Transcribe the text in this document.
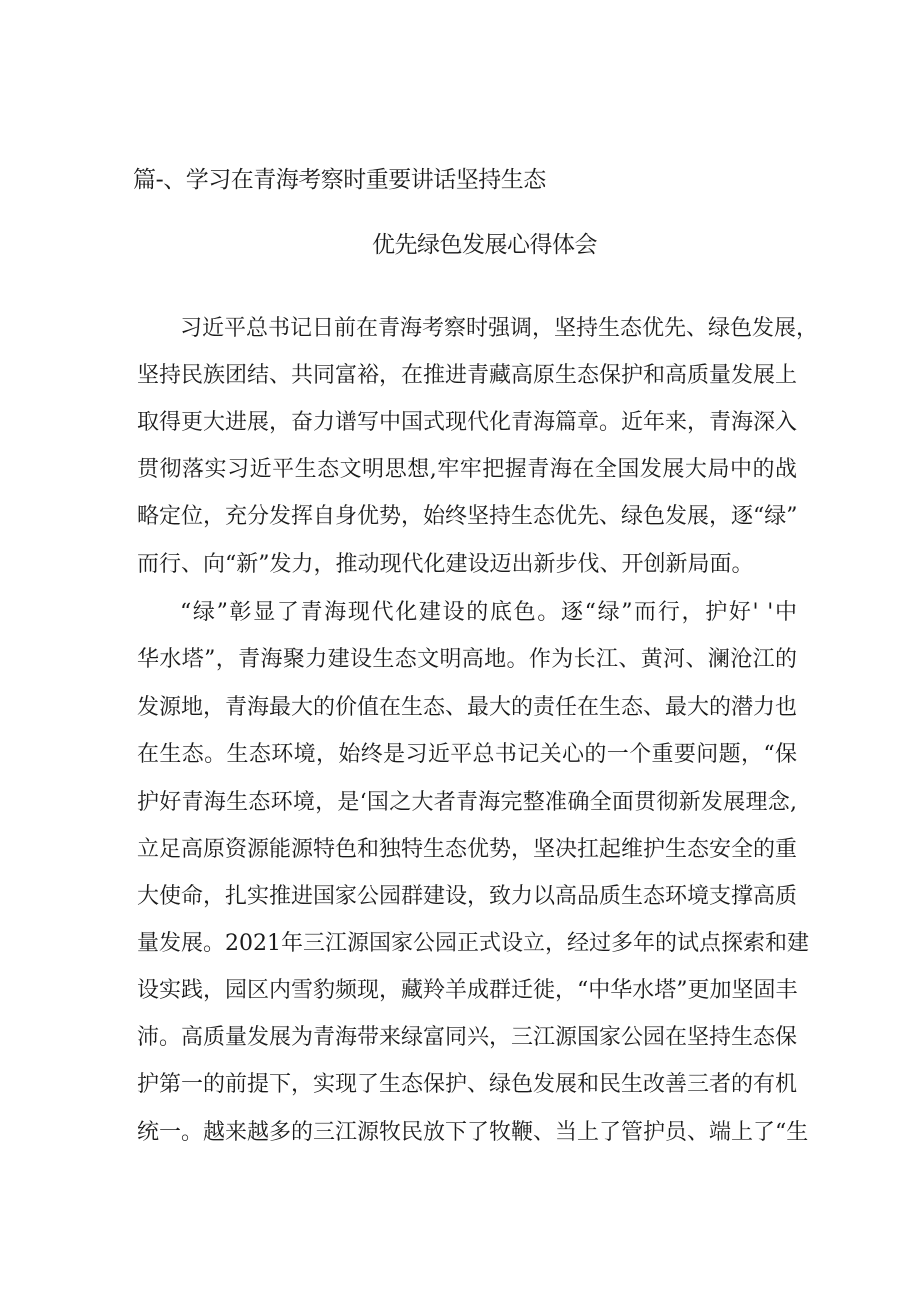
篇-、学习在青海考察时重要讲话坚持生态
优先绿色发展心得体会
习近平总书记日前在青海考察时强调，坚持生态优先、绿色发展，
坚持民族团结、共同富裕，在推进青藏高原生态保护和高质量发展上
取得更大进展，奋力谱写中国式现代化青海篇章。近年来，青海深入
贯彻落实习近平生态文明思想,牢牢把握青海在全国发展大局中的战
略定位，充分发挥自身优势，始终坚持生态优先、绿色发展，逐“绿”
而行、向“新”发力，推动现代化建设迈出新步伐、开创新局面。
“绿”彰显了青海现代化建设的底色。逐“绿”而行，护好' '中
华水塔”，青海聚力建设生态文明高地。作为长江、黄河、澜沧江的
发源地，青海最大的价值在生态、最大的责任在生态、最大的潜力也
在生态。生态环境，始终是习近平总书记关心的一个重要问题，“保
护好青海生态环境，是‘国之大者青海完整准确全面贯彻新发展理念,
立足高原资源能源特色和独特生态优势，坚决扛起维护生态安全的重
大使命，扎实推进国家公园群建设，致力以高品质生态环境支撑高质
量发展。2021年三江源国家公园正式设立，经过多年的试点探索和建
设实践，园区内雪豹频现，藏羚羊成群迁徙，“中华水塔”更加坚固丰
沛。高质量发展为青海带来绿富同兴，三江源国家公园在坚持生态保
护第一的前提下，实现了生态保护、绿色发展和民生改善三者的有机
统一。越来越多的三江源牧民放下了牧鞭、当上了管护员、端上了“生
